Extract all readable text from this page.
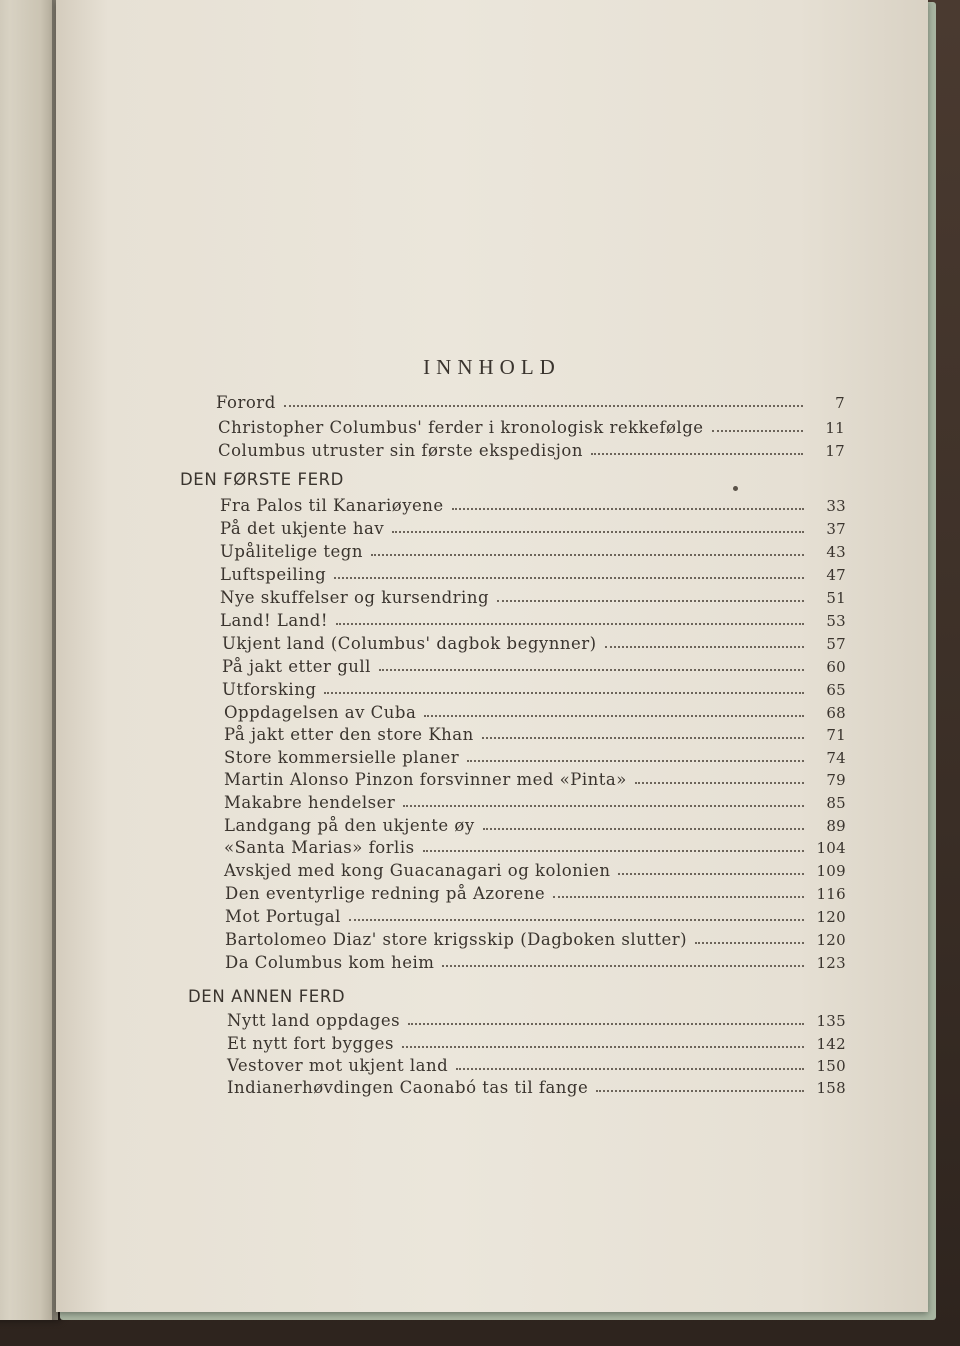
INNHOLD
Forord	7
Christopher Columbus' ferder i kronologisk rekkefølge	11
Columbus utruster sin første ekspedisjon	17
DEN FØRSTE FERD
Fra Palos til Kanariøyene	33
På det ukjente hav	37
Upålitelige tegn	43
Luftspeiling	47
Nye skuffelser og kursendring	51
Land! Land!	53
Ukjent land (Columbus' dagbok begynner)	57
På jakt etter gull	60
Utforsking	65
Oppdagelsen av Cuba	68
På jakt etter den store Khan	71
Store kommersielle planer	74
Martin Alonso Pinzon forsvinner med «Pinta»	79
Makabre hendelser	85
Landgang på den ukjente øy	89
«Santa Marias» forlis	104
Avskjed med kong Guacanagari og kolonien	109
Den eventyrlige redning på Azorene	116
Mot Portugal	120
Bartolomeo Diaz' store krigsskip (Dagboken slutter)	120
Da Columbus kom heim	123
DEN ANNEN FERD
Nytt land oppdages	135
Et nytt fort bygges	142
Vestover mot ukjent land	150
Indianerhøvdingen Caonabó tas til fange	158
